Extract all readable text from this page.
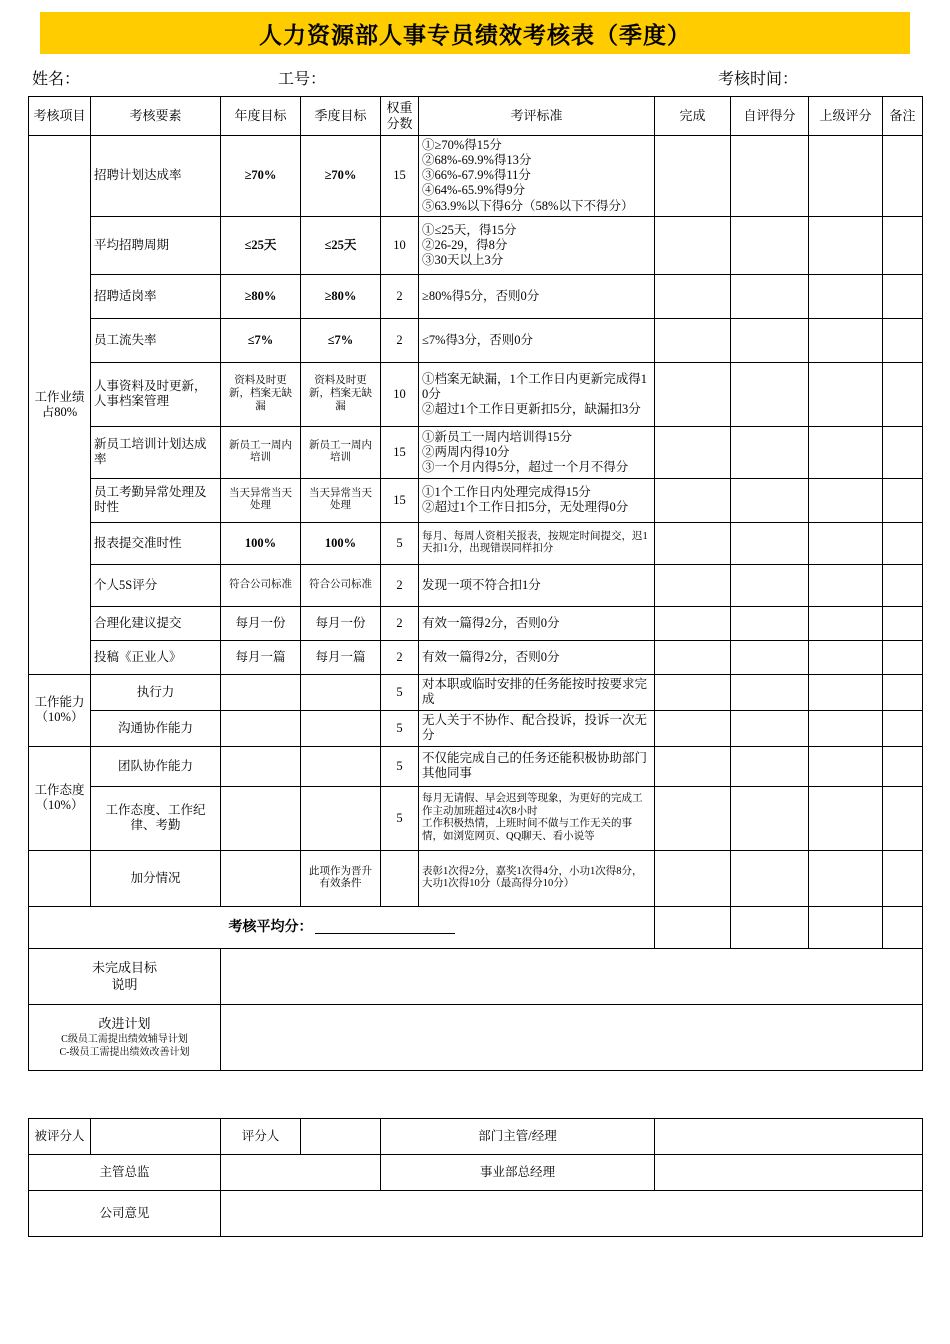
人力资源部人事专员绩效考核表（季度）
姓名：	工号：	考核时间：
考核项目	考核要素	年度目标	季度目标	权重分数	考评标准	完成	自评得分	上级评分	备注
工作业绩占80%	招聘计划达成率	≥70%	≥70%	15	①≥70%得15分
②68%-69.9%得13分
③66%-67.9%得11分
④64%-65.9%得9分
⑤63.9%以下得6分（58%以下不得分）				
	平均招聘周期	≤25天	≤25天	10	①≤25天，得15分
②26-29，得8分
③30天以上3分				
	招聘适岗率	≥80%	≥80%	2	≥80%得5分，否则0分				
	员工流失率	≤7%	≤7%	2	≤7%得3分，否则0分				
	人事资料及时更新，人事档案管理	资料及时更新，档案无缺漏	资料及时更新，档案无缺漏	10	①档案无缺漏，1个工作日内更新完成得10分
②超过1个工作日更新扣5分，缺漏扣3分				
	新员工培训计划达成率	新员工一周内培训	新员工一周内培训	15	①新员工一周内培训得15分
②两周内得10分
③一个月内得5分，超过一个月不得分				
	员工考勤异常处理及时性	当天异常当天处理	当天异常当天处理	15	①1个工作日内处理完成得15分
②超过1个工作日扣5分，无处理得0分				
	报表提交准时性	100%	100%	5	每月、每周人资相关报表，按规定时间提交，迟1天扣1分，出现错误同样扣分				
	个人5S评分	符合公司标准	符合公司标准	2	发现一项不符合扣1分				
	合理化建议提交	每月一份	每月一份	2	有效一篇得2分，否则0分				
	投稿《正业人》	每月一篇	每月一篇	2	有效一篇得2分，否则0分				
工作能力
（10%）	执行力			5	对本职或临时安排的任务能按时按要求完成				
	沟通协作能力			5	无人关于不协作、配合投诉，投诉一次无分				
工作态度
（10%）	团队协作能力			5	不仅能完成自己的任务还能积极协助部门其他同事				
	工作态度、工作纪律、考勤			5	每月无请假、早会迟到等现象，为更好的完成工作主动加班超过4次8小时
工作积极热情，上班时间不做与工作无关的事情，如浏览网页、QQ聊天、看小说等				
	加分情况		此项作为晋升有效条件		表彰1次得2分，嘉奖1次得4分，小功1次得8分，大功1次得10分（最高得分10分）				
考核平均分：									
未完成目标
说明									
改进计划
C级员工需提出绩效辅导计划
C-级员工需提出绩效改善计划									

被评分人		评分人		部门主管/经理	
主管总监				事业部总经理	
公司意见					
